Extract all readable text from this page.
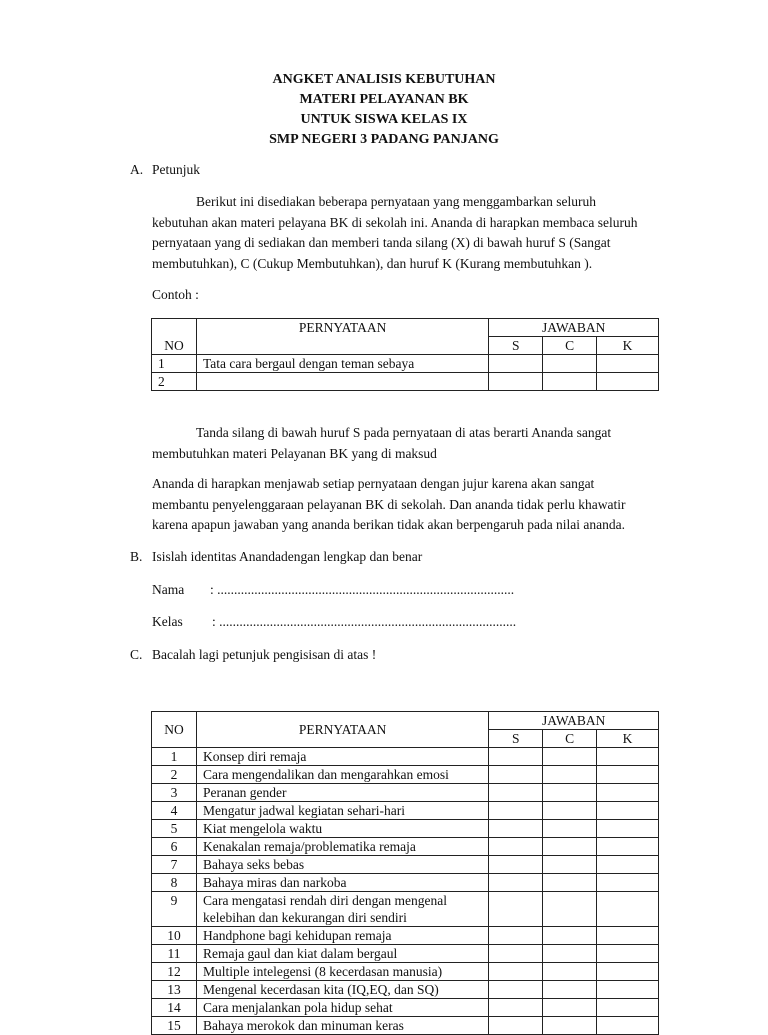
ANGKET ANALISIS KEBUTUHAN
MATERI PELAYANAN BK
UNTUK SISWA KELAS IX
SMP NEGERI 3 PADANG PANJANG
A. Petunjuk
Berikut ini disediakan beberapa pernyataan yang menggambarkan seluruh
kebutuhan akan materi pelayana BK di sekolah ini. Ananda di harapkan membaca seluruh
pernyataan yang di sediakan dan memberi tanda silang (X) di bawah huruf S (Sangat
membutuhkan), C (Cukup Membutuhkan), dan huruf K (Kurang membutuhkan ).
Contoh :
NO	PERNYATAAN	JAWABAN		
		S	C	K
1	Tata cara bergaul dengan teman sebaya			
2				
Tanda silang di bawah huruf S pada pernyataan di atas berarti Ananda sangat
membutuhkan materi Pelayanan BK yang di maksud
Ananda di harapkan menjawab setiap pernyataan dengan jujur karena akan sangat
membantu penyelenggaraan pelayanan BK di sekolah. Dan ananda tidak perlu khawatir
karena apapun jawaban yang ananda berikan tidak akan berpengaruh pada nilai ananda.
B. Isislah identitas Anandadengan lengkap dan benar
Nama : ........................................................................................
Kelas : ........................................................................................
C. Bacalah lagi petunjuk pengisisan di atas !
NO	PERNYATAAN	JAWABAN		
		S	C	K
1	Konsep diri remaja			
2	Cara mengendalikan dan mengarahkan emosi			
3	Peranan gender			
4	Mengatur jadwal kegiatan sehari-hari			
5	Kiat mengelola waktu			
6	Kenakalan remaja/problematika remaja			
7	Bahaya seks bebas			
8	Bahaya miras dan narkoba			
9	Cara mengatasi rendah diri dengan mengenal kelebihan dan kekurangan diri sendiri			
10	Handphone bagi kehidupan remaja			
11	Remaja gaul dan kiat dalam bergaul			
12	Multiple intelegensi (8 kecerdasan manusia)			
13	Mengenal kecerdasan kita (IQ,EQ, dan SQ)			
14	Cara menjalankan pola hidup sehat			
15	Bahaya merokok dan minuman keras			
